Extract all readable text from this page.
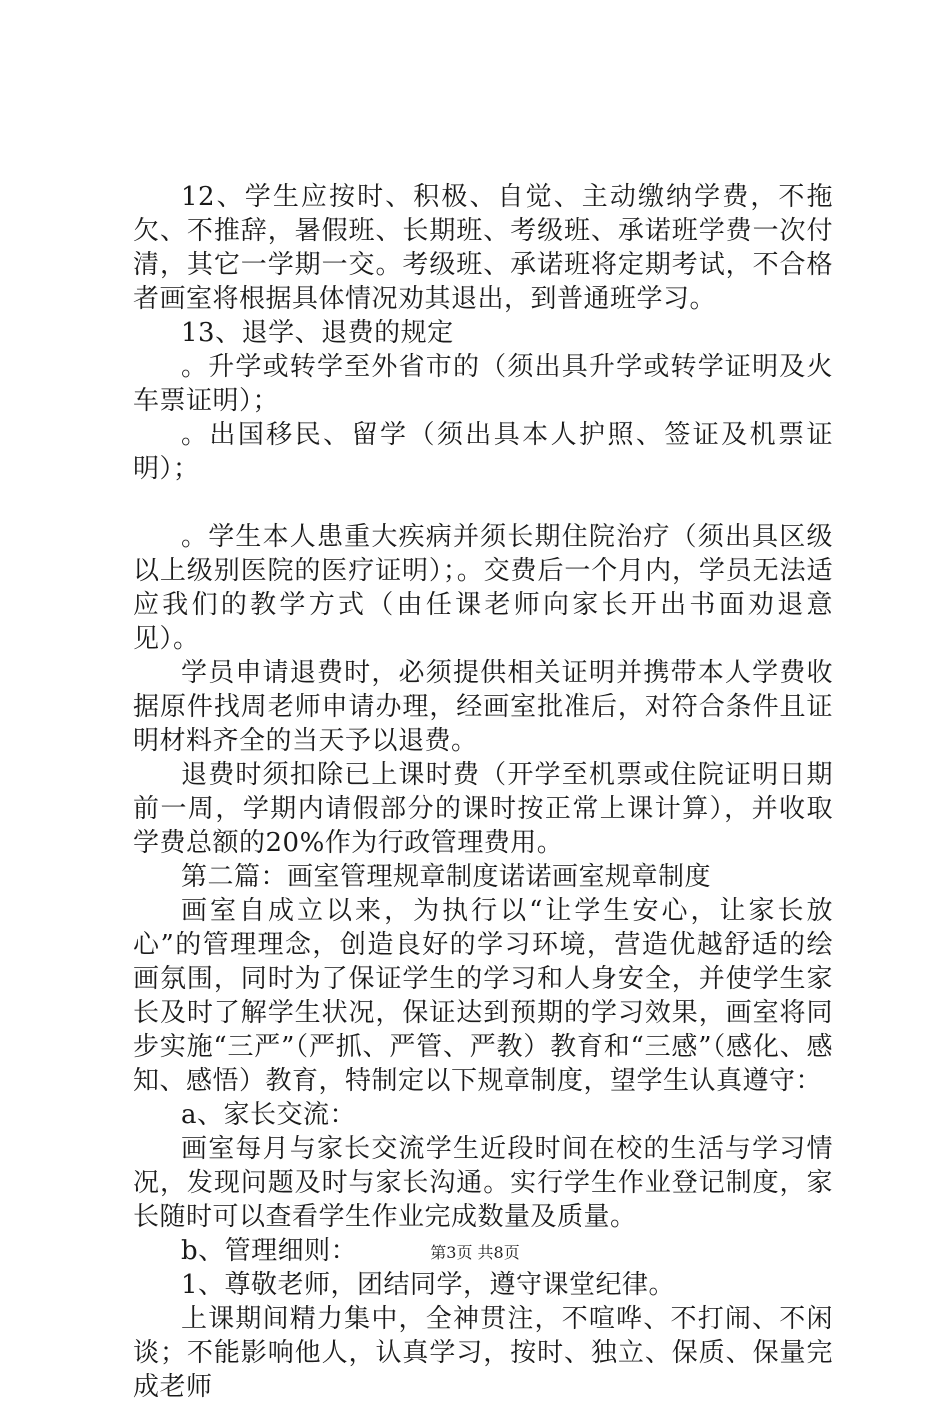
12、学生应按时、积极、自觉、主动缴纳学费，不拖欠、不推辞，暑假班、长期班、考级班、承诺班学费一次付清，其它一学期一交。考级班、承诺班将定期考试，不合格者画室将根据具体情况劝其退出，到普通班学习。

13、退学、退费的规定

。升学或转学至外省市的（须出具升学或转学证明及火车票证明）；

。出国移民、留学（须出具本人护照、签证及机票证明）；

。学生本人患重大疾病并须长期住院治疗（须出具区级以上级别医院的医疗证明）；。交费后一个月内，学员无法适应我们的教学方式（由任课老师向家长开出书面劝退意见）。

学员申请退费时，必须提供相关证明并携带本人学费收据原件找周老师申请办理，经画室批准后，对符合条件且证明材料齐全的当天予以退费。

退费时须扣除已上课时费（开学至机票或住院证明日期前一周，学期内请假部分的课时按正常上课计算），并收取学费总额的20%作为行政管理费用。

第二篇：画室管理规章制度诺诺画室规章制度

画室自成立以来，为执行以“让学生安心，让家长放心”的管理理念，创造良好的学习环境，营造优越舒适的绘画氛围，同时为了保证学生的学习和人身安全，并使学生家长及时了解学生状况，保证达到预期的学习效果，画室将同步实施“三严”（严抓、严管、严教）教育和“三感”（感化、感知、感悟）教育，特制定以下规章制度，望学生认真遵守：

a、家长交流：

画室每月与家长交流学生近段时间在校的生活与学习情况，发现问题及时与家长沟通。实行学生作业登记制度，家长随时可以查看学生作业完成数量及质量。

b、管理细则：

1、尊敬老师，团结同学，遵守课堂纪律。

上课期间精力集中，全神贯注，不喧哗、不打闹、不闲谈；不能影响他人，认真学习，按时、独立、保质、保量完成老师

第3页 共8页
